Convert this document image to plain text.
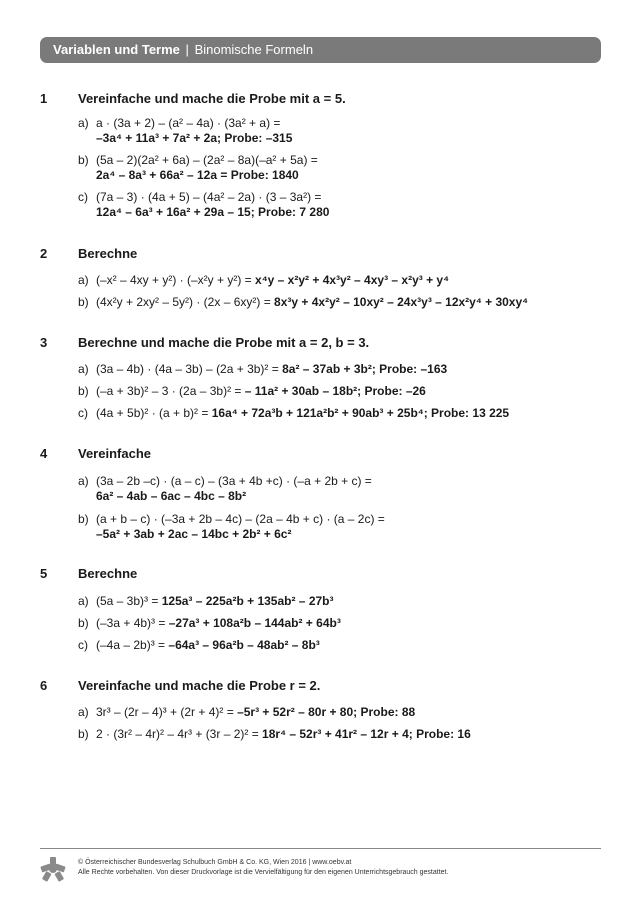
Variablen und Terme | Binomische Formeln
1 Vereinfache und mache die Probe mit a = 5.
a) a · (3a + 2) – (a² – 4a) · (3a² + a) =
–3a⁴ + 11a³ + 7a² + 2a; Probe: –315
b) (5a – 2)(2a² + 6a) – (2a² – 8a)(–a² + 5a) =
2a⁴ – 8a³ + 66a² – 12a = Probe: 1840
c) (7a – 3) · (4a + 5) – (4a² – 2a) · (3 – 3a²) =
12a⁴ – 6a³ + 16a² + 29a – 15; Probe: 7 280
2 Berechne
a) (–x² – 4xy + y²) · (–x²y + y²) = x⁴y – x²y² + 4x³y² – 4xy³ – x²y³ + y⁴
b) (4x²y + 2xy² – 5y²) · (2x – 6xy²) = 8x³y + 4x²y² – 10xy² – 24x³y³ – 12x²y⁴ + 30xy⁴
3 Berechne und mache die Probe mit a = 2, b = 3.
a) (3a – 4b) · (4a – 3b) – (2a + 3b)² = 8a² – 37ab + 3b²; Probe: –163
b) (–a + 3b)² – 3 · (2a – 3b)² = – 11a² + 30ab – 18b²; Probe: –26
c) (4a + 5b)² · (a + b)² = 16a⁴ + 72a³b + 121a²b² + 90ab³ + 25b⁴; Probe: 13 225
4 Vereinfache
a) (3a – 2b –c) · (a – c) – (3a + 4b +c) · (–a + 2b + c) =
6a² – 4ab – 6ac – 4bc – 8b²
b) (a + b – c) · (–3a + 2b – 4c) – (2a – 4b + c) · (a – 2c) =
–5a² + 3ab + 2ac – 14bc + 2b² + 6c²
5 Berechne
a) (5a – 3b)³ = 125a³ – 225a²b + 135ab² – 27b³
b) (–3a + 4b)³ = –27a³ + 108a²b – 144ab² + 64b³
c) (–4a – 2b)³ = –64a³ – 96a²b – 48ab² – 8b³
6 Vereinfache und mache die Probe r = 2.
a) 3r³ – (2r – 4)³ + (2r + 4)² = –5r³ + 52r² – 80r + 80; Probe: 88
b) 2 · (3r² – 4r)² – 4r³ + (3r – 2)² = 18r⁴ – 52r³ + 41r² – 12r + 4; Probe: 16
© Österreichischer Bundesverlag Schulbuch GmbH & Co. KG, Wien 2016 | www.oebv.at
Alle Rechte vorbehalten. Von dieser Druckvorlage ist die Vervielfältigung für den eigenen Unterrichtsgebrauch gestattet.
